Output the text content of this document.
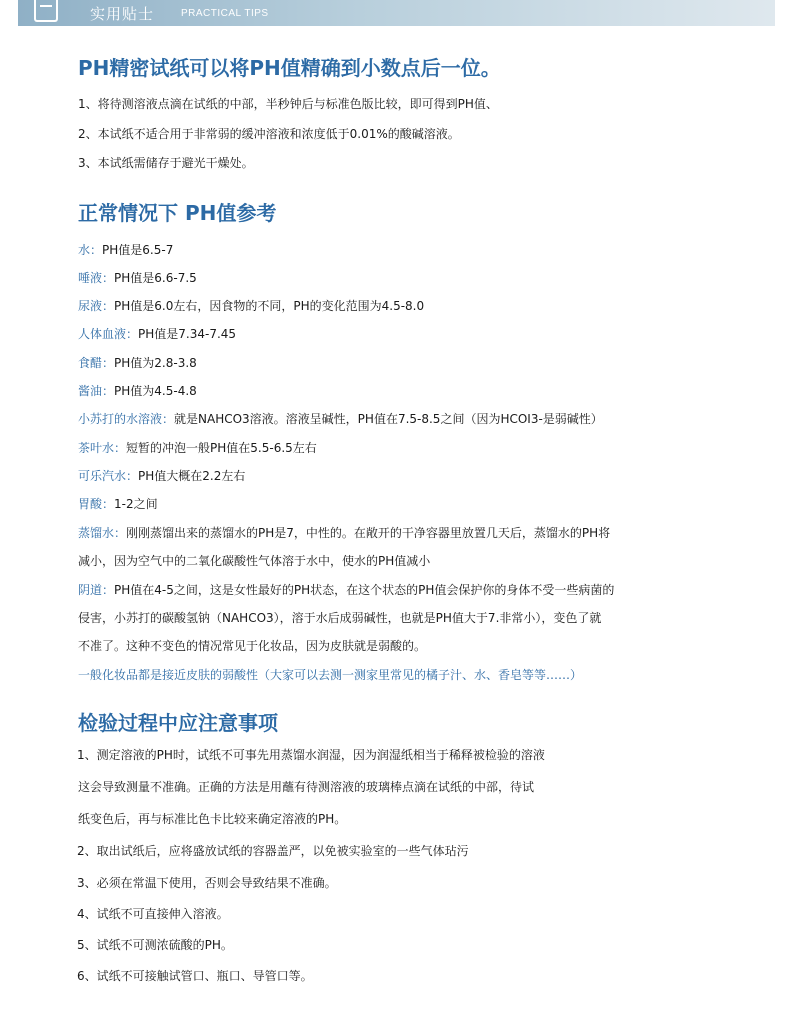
实用贴士	PRACTICAL TIPS
PH精密试纸可以将PH值精确到小数点后一位。
1、将待测溶液点滴在试纸的中部，半秒钟后与标准色版比较，即可得到PH值、
2、本试纸不适合用于非常弱的缓冲溶液和浓度低于0.01%的酸碱溶液。
3、本试纸需储存于避光干燥处。
正常情况下 PH值参考
水：PH值是6.5-7
唾液：PH值是6.6-7.5
尿液：PH值是6.0左右，因食物的不同，PH的变化范围为4.5-8.0
人体血液：PH值是7.34-7.45
食醋：PH值为2.8-3.8
酱油：PH值为4.5-4.8
小苏打的水溶液：就是NAHCO3溶液。溶液呈碱性，PH值在7.5-8.5之间（因为HCOI3-是弱碱性）
茶叶水：短暂的冲泡一般PH值在5.5-6.5左右
可乐汽水：PH值大概在2.2左右
胃酸：1-2之间
蒸馏水：刚刚蒸馏出来的蒸馏水的PH是7，中性的。在敞开的干净容器里放置几天后，蒸馏水的PH将
减小，因为空气中的二氧化碳酸性气体溶于水中，使水的PH值减小
阴道：PH值在4-5之间，这是女性最好的PH状态，在这个状态的PH值会保护你的身体不受一些病菌的
侵害，小苏打的碳酸氢钠（NAHCO3），溶于水后成弱碱性，也就是PH值大于7.非常小），变色了就
不准了。这种不变色的情况常见于化妆品，因为皮肤就是弱酸的。
一般化妆品都是接近皮肤的弱酸性（大家可以去测一测家里常见的橘子汁、水、香皂等等……）
检验过程中应注意事项
1、测定溶液的PH时，试纸不可事先用蒸馏水润湿，因为润湿纸相当于稀释被检验的溶液
这会导致测量不准确。正确的方法是用蘸有待测溶液的玻璃棒点滴在试纸的中部，待试
纸变色后，再与标准比色卡比较来确定溶液的PH。
2、取出试纸后，应将盛放试纸的容器盖严，以免被实验室的一些气体玷污
3、必须在常温下使用，否则会导致结果不准确。
4、试纸不可直接伸入溶液。
5、试纸不可测浓硫酸的PH。
6、试纸不可接触试管口、瓶口、导管口等。
